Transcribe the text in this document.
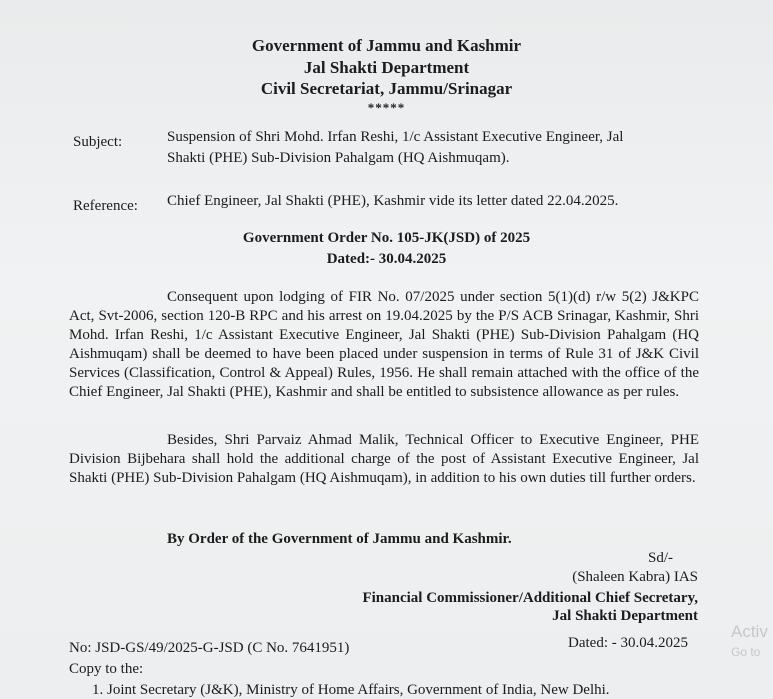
Government of Jammu and Kashmir
Jal Shakti Department
Civil Secretariat, Jammu/Srinagar
*****
Subject:	Suspension of Shri Mohd. Irfan Reshi, 1/c Assistant Executive Engineer, Jal
Shakti (PHE) Sub-Division Pahalgam (HQ Aishmuqam).
Reference: Chief Engineer, Jal Shakti (PHE), Kashmir vide its letter dated 22.04.2025.
Government Order No. 105-JK(JSD) of 2025
Dated:- 30.04.2025
Consequent upon lodging of FIR No. 07/2025 under section 5(1)(d) r/w 5(2) J&KPC Act, Svt-2006, section 120-B RPC and his arrest on 19.04.2025 by the P/S ACB Srinagar, Kashmir, Shri Mohd. Irfan Reshi, 1/c Assistant Executive Engineer, Jal Shakti (PHE) Sub-Division Pahalgam (HQ Aishmuqam) shall be deemed to have been placed under suspension in terms of Rule 31 of J&K Civil Services (Classification, Control & Appeal) Rules, 1956. He shall remain attached with the office of the Chief Engineer, Jal Shakti (PHE), Kashmir and shall be entitled to subsistence allowance as per rules.
Besides, Shri Parvaiz Ahmad Malik, Technical Officer to Executive Engineer, PHE Division Bijbehara shall hold the additional charge of the post of Assistant Executive Engineer, Jal Shakti (PHE) Sub-Division Pahalgam (HQ Aishmuqam), in addition to his own duties till further orders.
By Order of the Government of Jammu and Kashmir.
Sd/-
(Shaleen Kabra) IAS
Financial Commissioner/Additional Chief Secretary,
Jal Shakti Department
No: JSD-GS/49/2025-G-JSD (C No. 7641951)	Dated: - 30.04.2025
Copy to the:
1. Joint Secretary (J&K), Ministry of Home Affairs, Government of India, New Delhi.
Activ
Go to
